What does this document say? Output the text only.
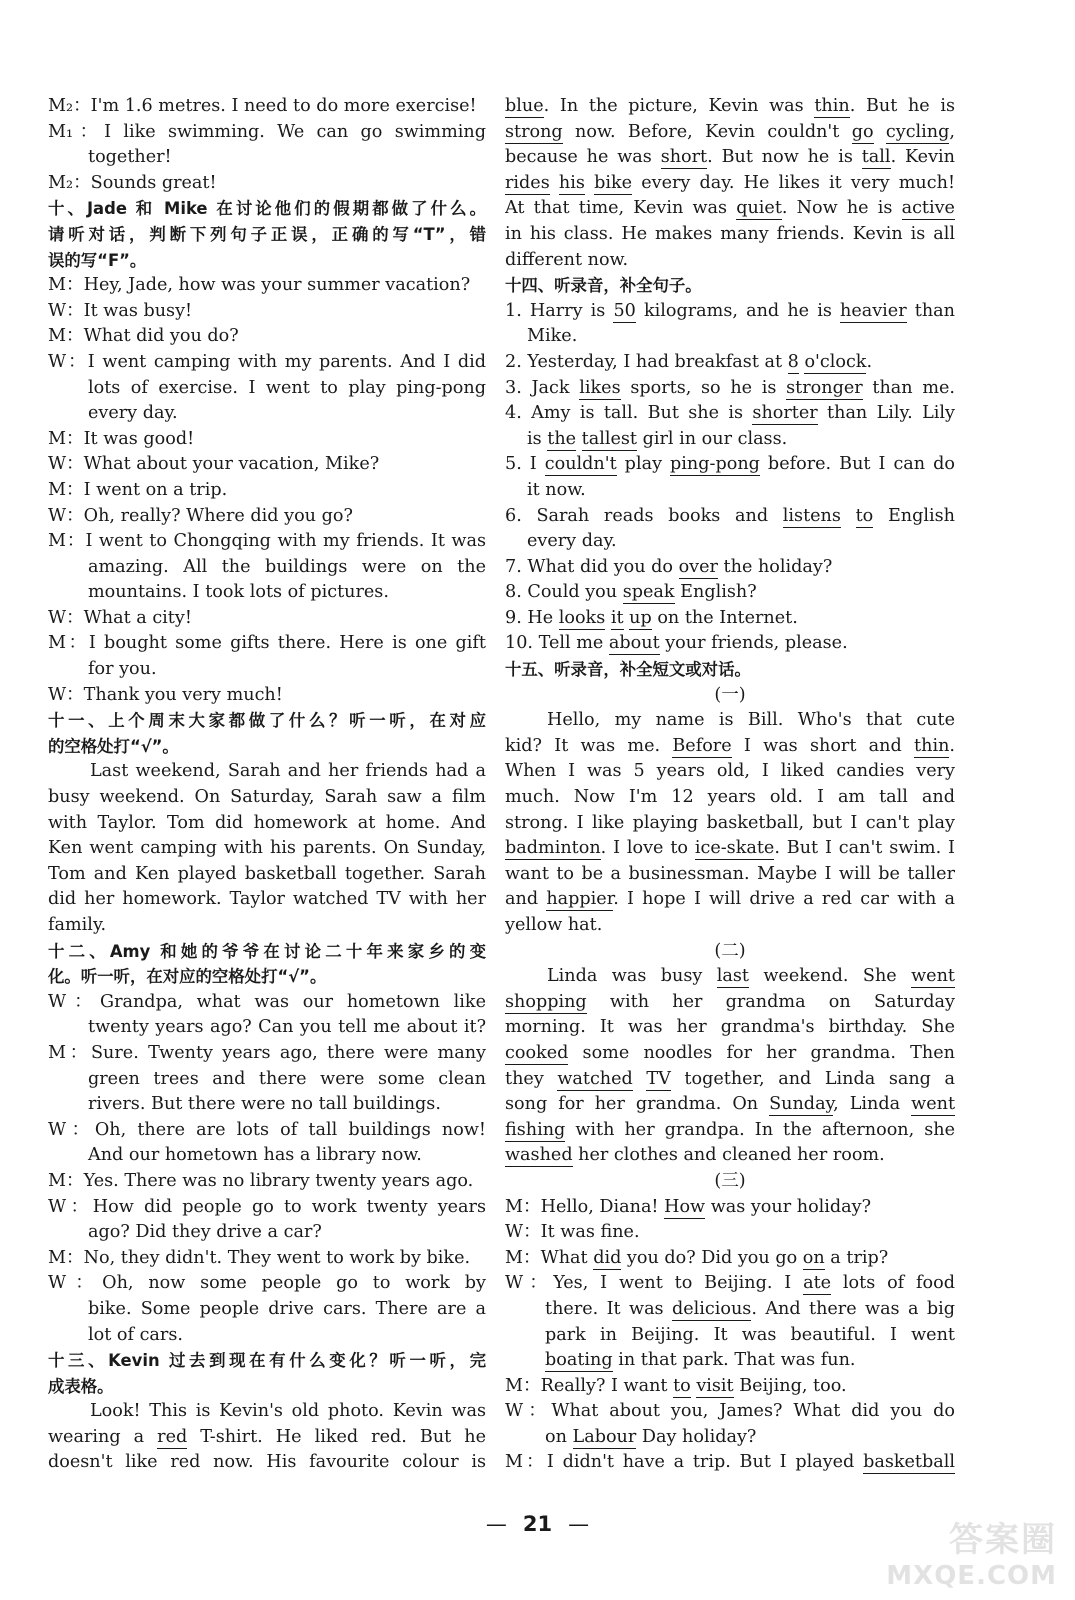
M₂：I'm 1.6 metres. I need to do more exercise!
M₁：I like swimming. We can go swimming
together!
M₂：Sounds great!
十、Jade 和 Mike 在讨论他们的假期都做了什么。
请听对话，判断下列句子正误，正确的写“T”，错
误的写“F”。
M：Hey, Jade, how was your summer vacation?
W：It was busy!
M：What did you do?
W：I went camping with my parents. And I did
lots of exercise. I went to play ping-pong
every day.
M：It was good!
W：What about your vacation, Mike?
M：I went on a trip.
W：Oh, really? Where did you go?
M：I went to Chongqing with my friends. It was
amazing. All the buildings were on the
mountains. I took lots of pictures.
W：What a city!
M：I bought some gifts there. Here is one gift
for you.
W：Thank you very much!
十一、上个周末大家都做了什么？听一听，在对应
的空格处打“√”。
Last weekend, Sarah and her friends had a
busy weekend. On Saturday, Sarah saw a film
with Taylor. Tom did homework at home. And
Ken went camping with his parents. On Sunday,
Tom and Ken played basketball together. Sarah
did her homework. Taylor watched TV with her
family.
十二、Amy 和她的爷爷在讨论二十年来家乡的变
化。听一听，在对应的空格处打“√”。
W：Grandpa, what was our hometown like
twenty years ago? Can you tell me about it?
M：Sure. Twenty years ago, there were many
green trees and there were some clean
rivers. But there were no tall buildings.
W：Oh, there are lots of tall buildings now!
And our hometown has a library now.
M：Yes. There was no library twenty years ago.
W：How did people go to work twenty years
ago? Did they drive a car?
M：No, they didn't. They went to work by bike.
W：Oh, now some people go to work by
bike. Some people drive cars. There are a
lot of cars.
十三、Kevin 过去到现在有什么变化？听一听，完
成表格。
Look! This is Kevin's old photo. Kevin was
wearing a red T-shirt. He liked red. But he
doesn't like red now. His favourite colour is
blue. In the picture, Kevin was thin. But he is
strong now. Before, Kevin couldn't go cycling,
because he was short. But now he is tall. Kevin
rides his bike every day. He likes it very much!
At that time, Kevin was quiet. Now he is active
in his class. He makes many friends. Kevin is all
different now.
十四、听录音，补全句子。
1. Harry is 50 kilograms, and he is heavier than
Mike.
2. Yesterday, I had breakfast at 8 o'clock.
3. Jack likes sports, so he is stronger than me.
4. Amy is tall. But she is shorter than Lily. Lily
is the tallest girl in our class.
5. I couldn't play ping-pong before. But I can do
it now.
6. Sarah reads books and listens to English
every day.
7. What did you do over the holiday?
8. Could you speak English?
9. He looks it up on the Internet.
10. Tell me about your friends, please.
十五、听录音，补全短文或对话。
(一)
Hello, my name is Bill. Who's that cute
kid? It was me. Before I was short and thin.
When I was 5 years old, I liked candies very
much. Now I'm 12 years old. I am tall and
strong. I like playing basketball, but I can't play
badminton. I love to ice-skate. But I can't swim. I
want to be a businessman. Maybe I will be taller
and happier. I hope I will drive a red car with a
yellow hat.
(二)
Linda was busy last weekend. She went
shopping with her grandma on Saturday
morning. It was her grandma's birthday. She
cooked some noodles for her grandma. Then
they watched TV together, and Linda sang a
song for her grandma. On Sunday, Linda went
fishing with her grandpa. In the afternoon, she
washed her clothes and cleaned her room.
(三)
M：Hello, Diana! How was your holiday?
W：It was fine.
M：What did you do? Did you go on a trip?
W：Yes, I went to Beijing. I ate lots of food
there. It was delicious. And there was a big
park in Beijing. It was beautiful. I went
boating in that park. That was fun.
M：Really? I want to visit Beijing, too.
W：What about you, James? What did you do
on Labour Day holiday?
M：I didn't have a trip. But I played basketball
— 21 —	答案圈
MXQE.COM
